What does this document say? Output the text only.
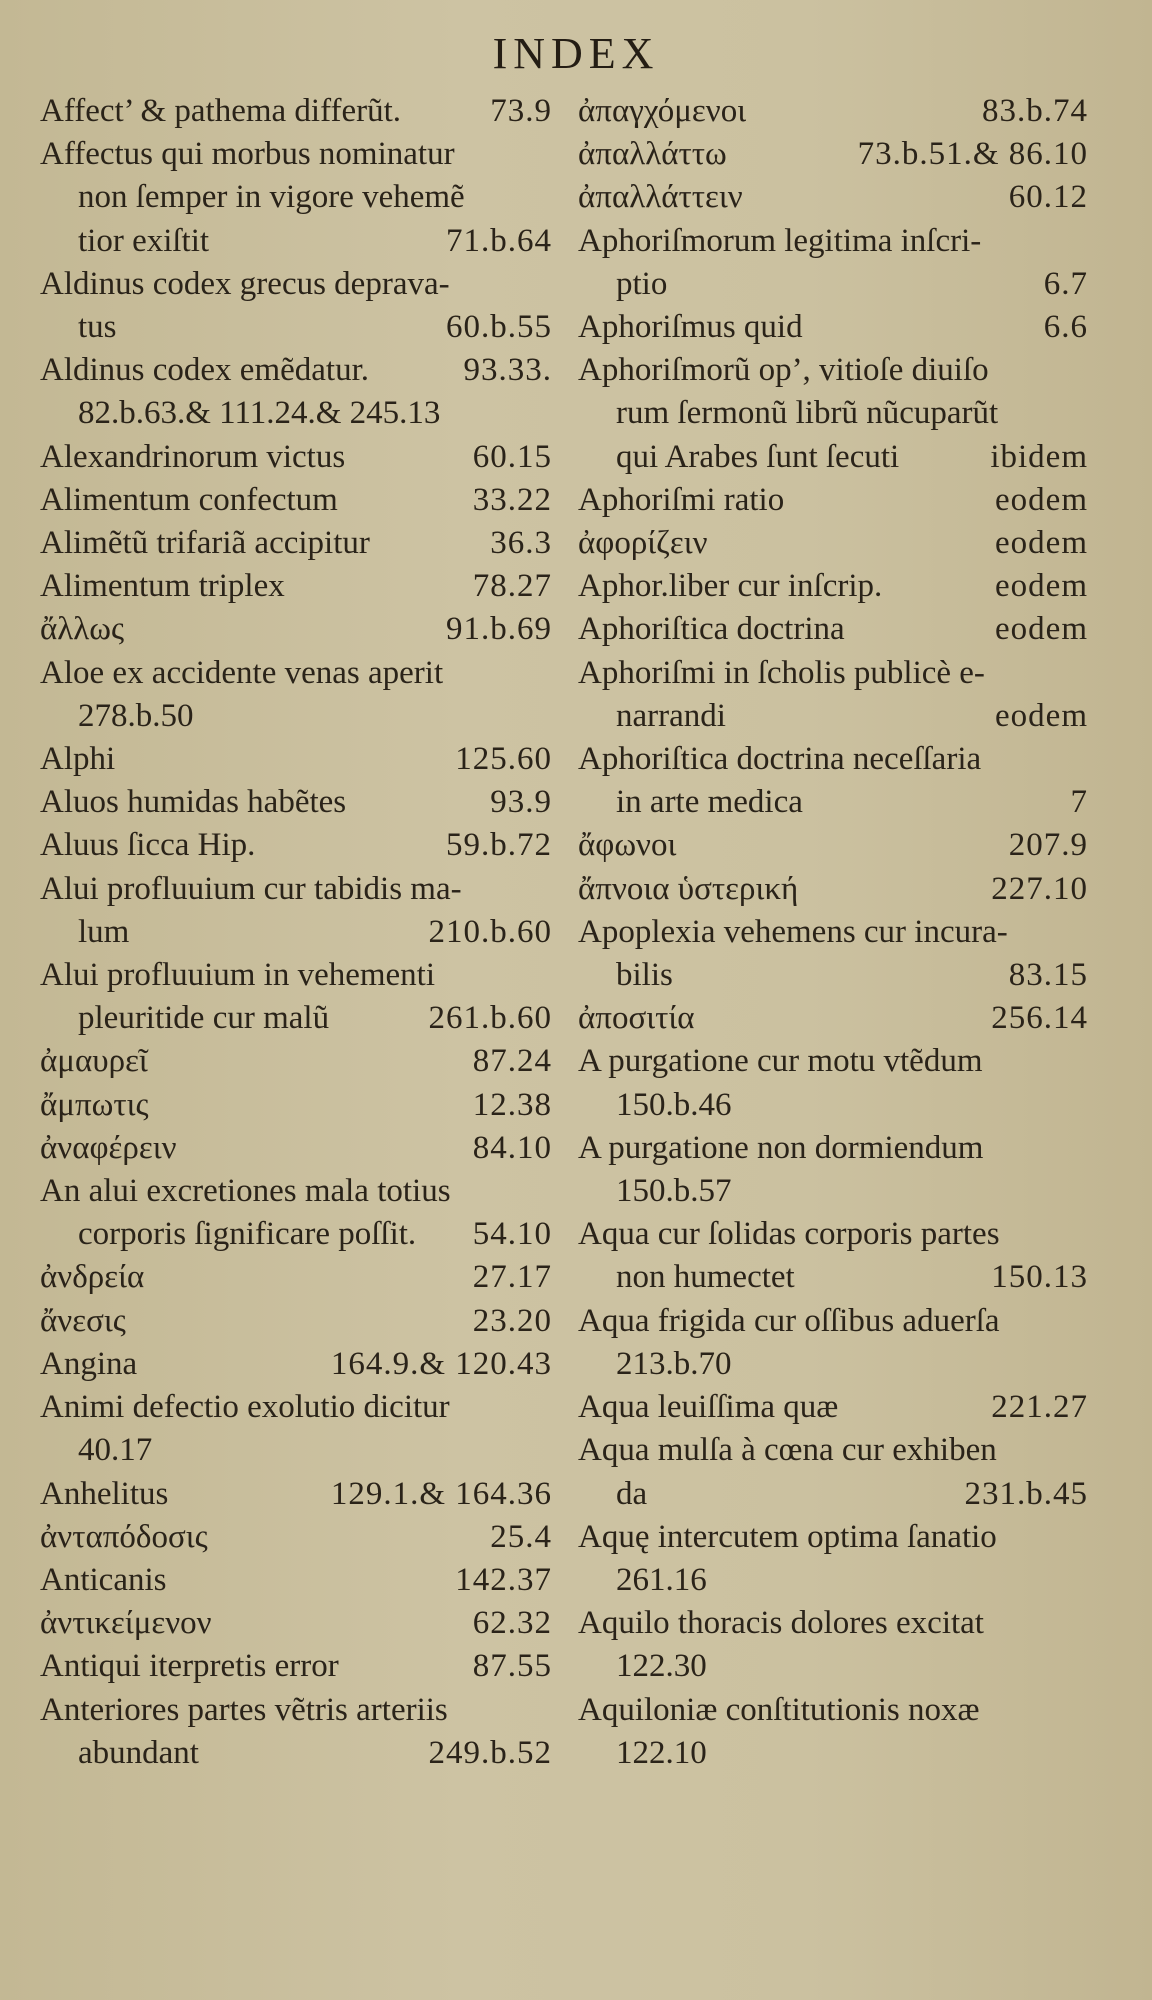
INDEX
Affect’ & pathema differũt.	73.9
Affectus qui morbus nominatur
non ſemper in vigore vehemẽ
tior exiſtit	71.b.64
Aldinus codex grecus deprava-
tus	60.b.55
Aldinus codex emẽdatur.	93.33.
82.b.63.& 111.24.& 245.13
Alexandrinorum victus	60.15
Alimentum confectum	33.22
Alimẽtũ trifariã accipitur	36.3
Alimentum triplex	78.27
ἄλλως	91.b.69
Aloe ex accidente venas aperit
278.b.50
Alphi	125.60
Aluos humidas habẽtes	93.9
Aluus ſicca Hip.	59.b.72
Alui profluuium cur tabidis ma-
lum	210.b.60
Alui profluuium in vehementi
pleuritide cur malũ	261.b.60
ἀμαυρεῖ	87.24
ἄμπωτις	12.38
ἀναφέρειν	84.10
An alui excretiones mala totius
corporis ſignificare poſſit.	54.10
ἀνδρεία	27.17
ἄνεσις	23.20
Angina	164.9.& 120.43
Animi defectio exolutio dicitur
40.17
Anhelitus	129.1.& 164.36
ἀνταπόδοσις	25.4
Anticanis	142.37
ἀντικείμενον	62.32
Antiqui iterpretis error	87.55
Anteriores partes vẽtris arteriis
abundant	249.b.52
ἀπαγχόμενοι	83.b.74
ἀπαλλάττω	73.b.51.& 86.10
ἀπαλλάττειν	60.12
Aphoriſmorum legitima inſcri-
ptio	6.7
Aphoriſmus quid	6.6
Aphoriſmorũ op’, vitioſe diuiſo
rum ſermonũ librũ nũcuparũt
qui Arabes ſunt ſecuti	ibidem
Aphoriſmi ratio	eodem
ἀφορίζειν	eodem
Aphor.liber cur inſcrip.	eodem
Aphoriſtica doctrina	eodem
Aphoriſmi in ſcholis publicè e-
narrandi	eodem
Aphoriſtica doctrina neceſſaria
in arte medica	7
ἄφωνοι	207.9
ἄπνοια ὑστερική	227.10
Apoplexia vehemens cur incura-
bilis	83.15
ἀποσιτία	256.14
A purgatione cur motu vtẽdum
150.b.46
A purgatione non dormiendum
150.b.57
Aqua cur ſolidas corporis partes
non humectet	150.13
Aqua frigida cur oſſibus aduerſa
213.b.70
Aqua leuiſſima quæ	221.27
Aqua mulſa à cœna cur exhiben
da	231.b.45
Aquę intercutem optima ſanatio
261.16
Aquilo thoracis dolores excitat
122.30
Aquiloniæ conſtitutionis noxæ
122.10
